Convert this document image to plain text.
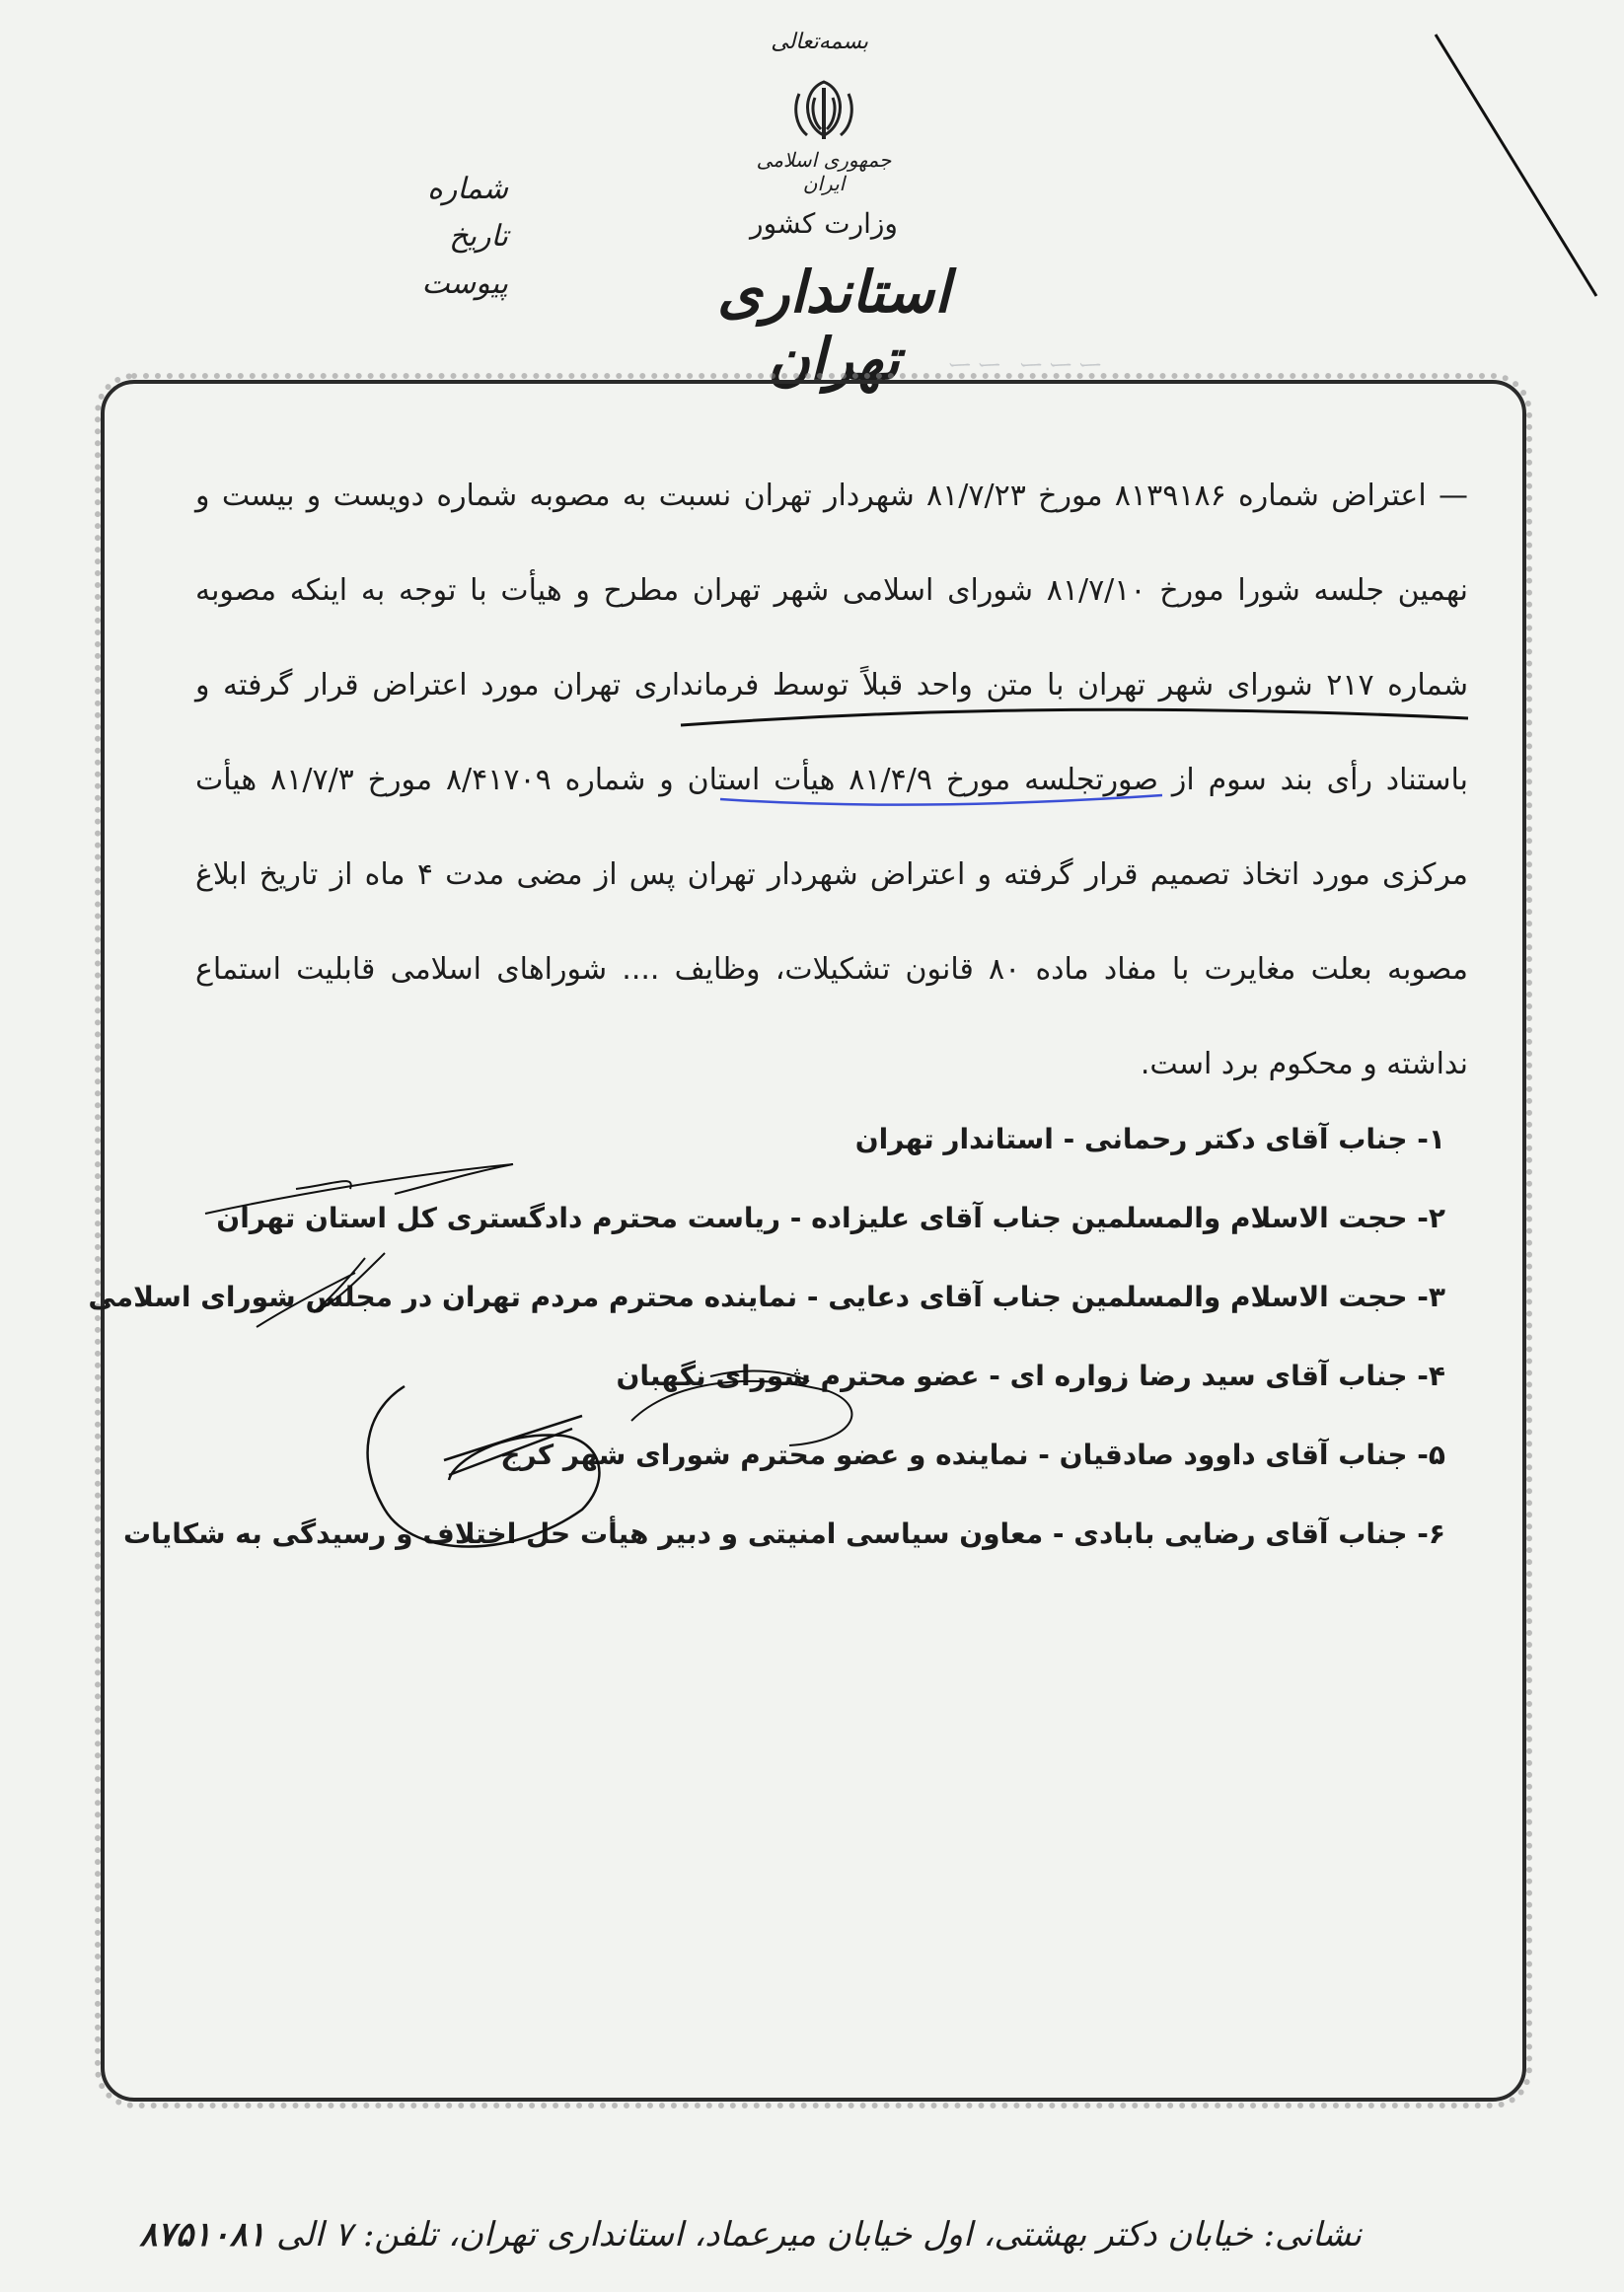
بسمه‌تعالی
جمهوری اسلامی ایران
وزارت کشور
استانداری تهران
شماره
تاریخ
پیوست
— اعتراض شماره ۸۱۳۹۱۸۶ مورخ ۸۱/۷/۲۳ شهردار تهران نسبت به مصوبه شماره دویست و بیست و نهمین جلسه شورا مورخ ۸۱/۷/۱۰ شورای اسلامی شهر تهران مطرح و هیأت با توجه به اینکه مصوبه شماره ۲۱۷ شورای شهر تهران با متن واحد قبلاً توسط فرمانداری تهران مورد اعتراض قرار گرفته و باستناد رأی بند سوم از صورتجلسه مورخ ۸۱/۴/۹ هیأت استان و شماره ۸/۴۱۷۰۹ مورخ ۸۱/۷/۳ هیأت مرکزی مورد اتخاذ تصمیم قرار گرفته و اعتراض شهردار تهران پس از مضی مدت ۴ ماه از تاریخ ابلاغ مصوبه بعلت مغایرت با مفاد ماده ۸۰ قانون تشکیلات، وظایف .... شوراهای اسلامی قابلیت استماع نداشته و محکوم برد است.
۱- جناب آقای دکتر رحمانی - استاندار تهران
۲- حجت الاسلام والمسلمین جناب آقای علیزاده - ریاست محترم دادگستری کل استان تهران
۳- حجت الاسلام والمسلمین جناب آقای دعایی - نماینده محترم مردم تهران در مجلس شورای اسلامی
۴- جناب آقای سید رضا زواره ای - عضو محترم شورای نگهبان
۵- جناب آقای داوود صادقیان - نماینده و عضو محترم شورای شهر کرج
۶- جناب آقای رضایی بابادی - معاون سیاسی امنیتی و دبیر هیأت حل اختلاف و رسیدگی به شکایات
نشانی: خیابان دکتر بهشتی، اول خیابان میرعماد، استانداری تهران، تلفن: ۷ الی ۸۷۵۱۰۸۱
ーー ーーー
